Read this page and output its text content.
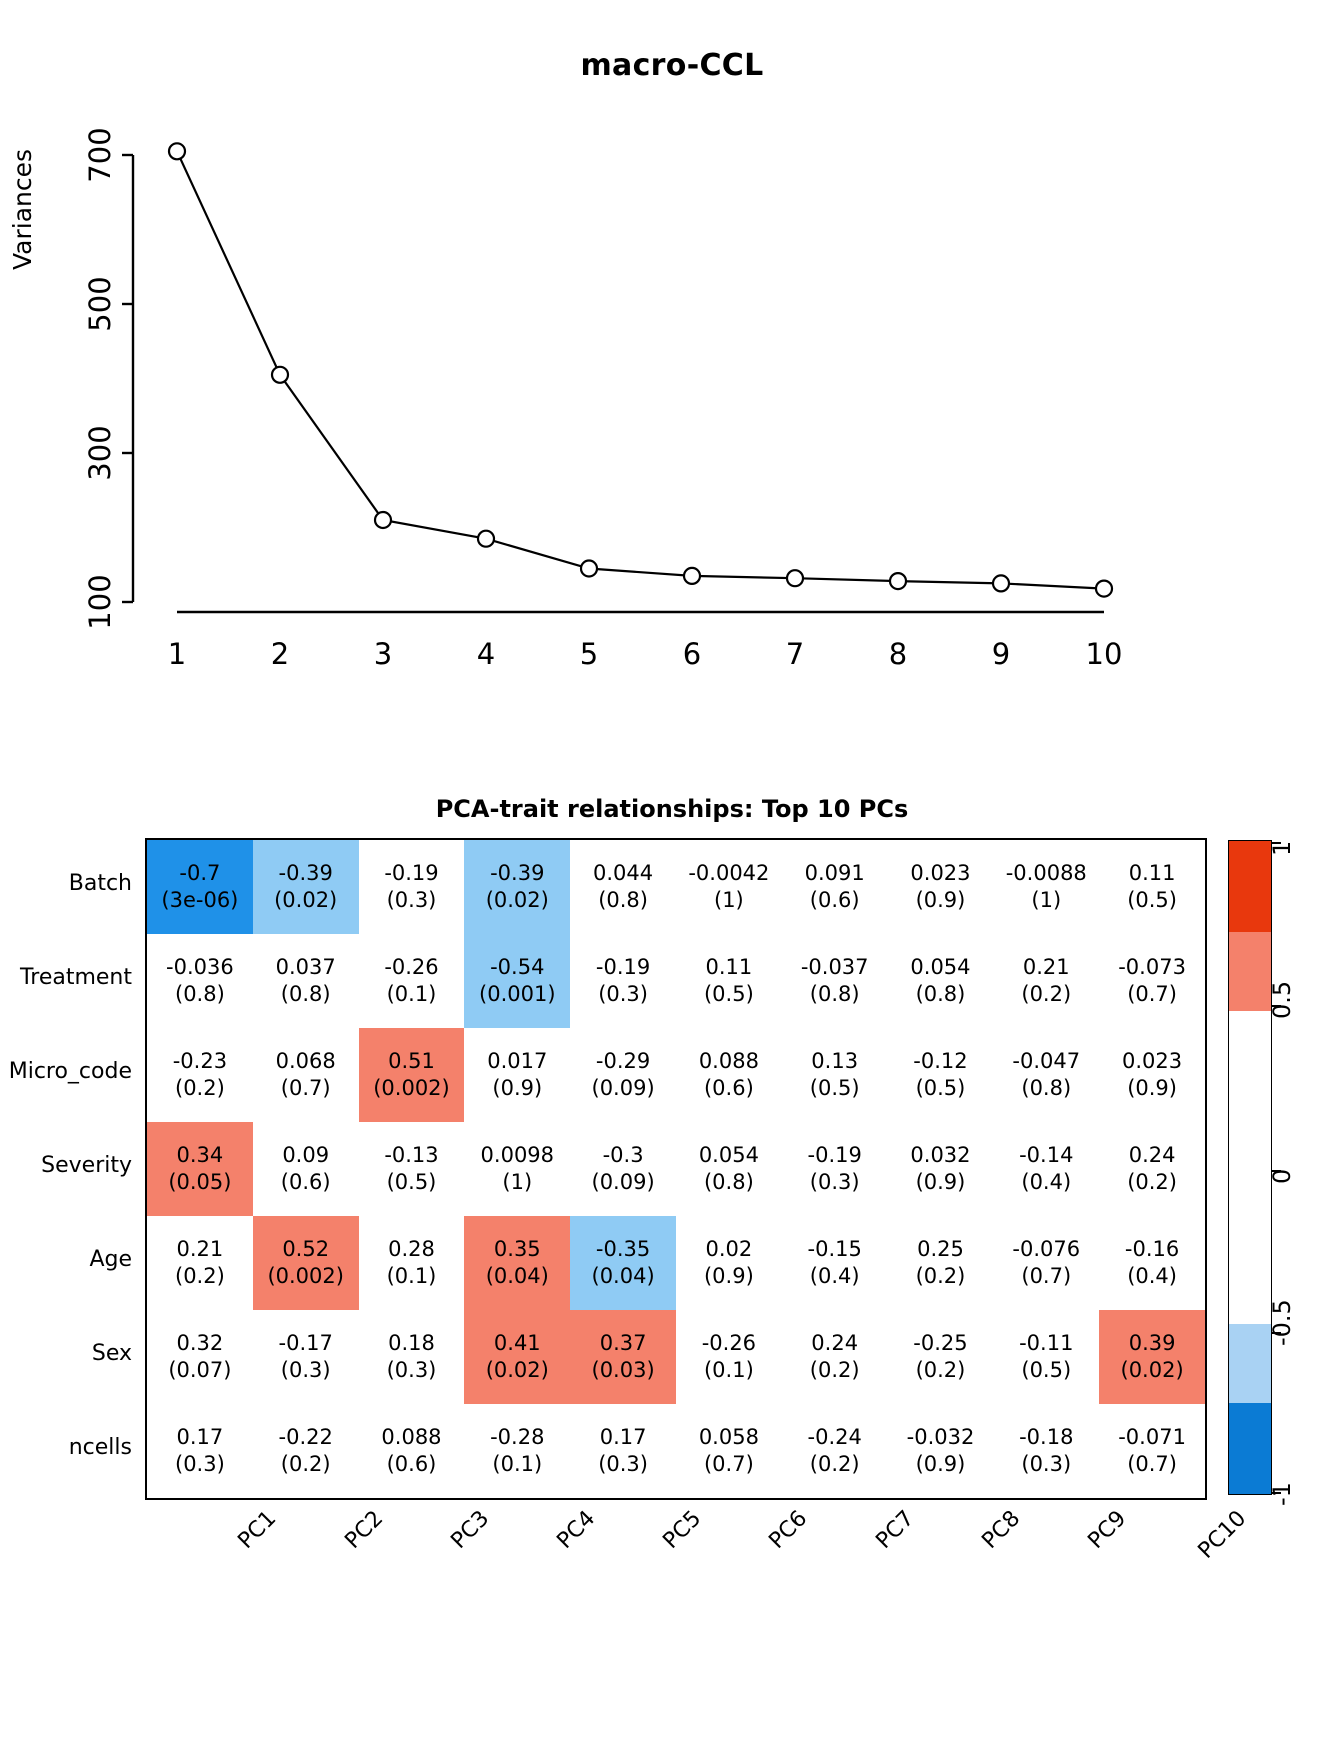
macro-CCL
Variances 700
500
300
100
1	2	3	4	5	6	7	8	9	10
PCA-trait relationships: Top 10 PCs
Batch
Treatment
Micro_code
Severity
Age
Sex
ncells
-0.7
(3e-06)	-0.39
(0.02)	-0.19
(0.3)	-0.39
(0.02)	0.044
(0.8)	-0.0042
(1)	0.091
(0.6)	0.023
(0.9)	-0.0088
(1)	0.11
(0.5)

-0.036
(0.8)	0.037
(0.8)	-0.26
(0.1)	-0.54
(0.001)	-0.19
(0.3)	0.11
(0.5)	-0.037
(0.8)	0.054
(0.8)	0.21
(0.2)	-0.073
(0.7)

-0.23
(0.2)	0.068
(0.7)	0.51
(0.002)	0.017
(0.9)	-0.29
(0.09)	0.088
(0.6)	0.13
(0.5)	-0.12
(0.5)	-0.047
(0.8)	0.023
(0.9)

0.34
(0.05)	0.09
(0.6)	-0.13
(0.5)	0.0098
(1)	-0.3
(0.09)	0.054
(0.8)	-0.19
(0.3)	0.032
(0.9)	-0.14
(0.4)	0.24
(0.2)

0.21
(0.2)	0.52
(0.002)	0.28
(0.1)	0.35
(0.04)	-0.35
(0.04)	0.02
(0.9)	-0.15
(0.4)	0.25
(0.2)	-0.076
(0.7)	-0.16
(0.4)

0.32
(0.07)	-0.17
(0.3)	0.18
(0.3)	0.41
(0.02)	0.37
(0.03)	-0.26
(0.1)	0.24
(0.2)	-0.25
(0.2)	-0.11
(0.5)	0.39
(0.02)

0.17
(0.3)	-0.22
(0.2)	0.088
(0.6)	-0.28
(0.1)	0.17
(0.3)	0.058
(0.7)	-0.24
(0.2)	-0.032
(0.9)	-0.18
(0.3)	-0.071
(0.7)
PC1	PC2	PC3	PC4	PC5	PC6	PC7	PC8	PC9	PC10
1
0.5
0
-0.5
-1
